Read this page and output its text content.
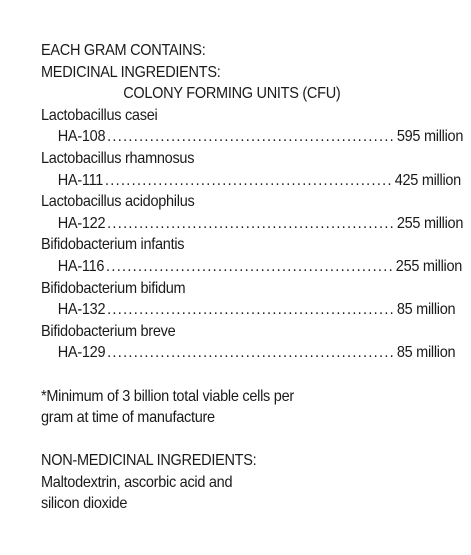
EACH GRAM CONTAINS:
MEDICINAL INGREDIENTS:
COLONY FORMING UNITS (CFU)
Lactobacillus casei
HA-108 ...................................................... 595 million
Lactobacillus rhamnosus
HA-111 ...................................................... 425 million
Lactobacillus acidophilus
HA-122 ...................................................... 255 million
Bifidobacterium infantis
HA-116 ...................................................... 255 million
Bifidobacterium bifidum
HA-132 ...................................................... 85 million
Bifidobacterium breve
HA-129 ...................................................... 85 million
*Minimum of 3 billion total viable cells per
gram at time of manufacture
NON-MEDICINAL INGREDIENTS:
Maltodextrin, ascorbic acid and
silicon dioxide
